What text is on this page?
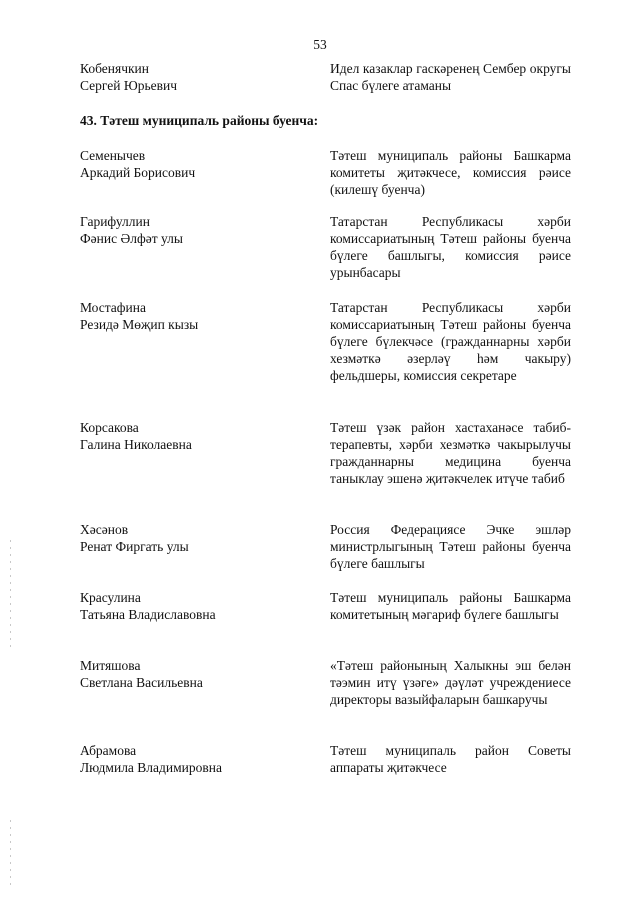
53
Кобенячкин
Сергей Юрьевич
Идел казаклар гаскәренең Сембер округы Спас бүлеге атаманы
43. Тәтеш муниципаль районы буенча:
Семенычев
Аркадий Борисович
Тәтеш муниципаль районы Башкарма комитеты җитәкчесе, комиссия рәисе (килешү буенча)
Гарифуллин
Фәнис Әлфәт улы
Татарстан Республикасы хәрби комиссариатының Тәтеш районы буенча бүлеге башлыгы, комиссия рәисе урынбасары
Мостафина
Резидә Мөҗип кызы
Татарстан Республикасы хәрби комиссариатының Тәтеш районы буенча бүлеге бүлекчәсе (гражданнарны хәрби хезмәткә әзерләү һәм чакыру) фельдшеры, комиссия секретаре
Корсакова
Галина Николаевна
Тәтеш үзәк район хастаханәсе табиб-терапевты, хәрби хезмәткә чакырылучы гражданнарны медицина буенча таныклау эшенә җитәкчелек итүче табиб
Хәсәнов
Ренат Фиргать улы
Россия Федерациясе Эчке эшләр министрлыгының Тәтеш районы буенча бүлеге башлыгы
Красулина
Татьяна Владиславовна
Тәтеш муниципаль районы Башкарма комитетының мәгариф бүлеге башлыгы
Митяшова
Светлана Васильевна
«Тәтеш районының Халыкны эш белән тәэмин итү үзәге» дәүләт учреждениесе директоры вазыйфаларын башкаручы
Абрамова
Людмила Владимировна
Тәтеш муниципаль район Советы аппараты җитәкчесе
